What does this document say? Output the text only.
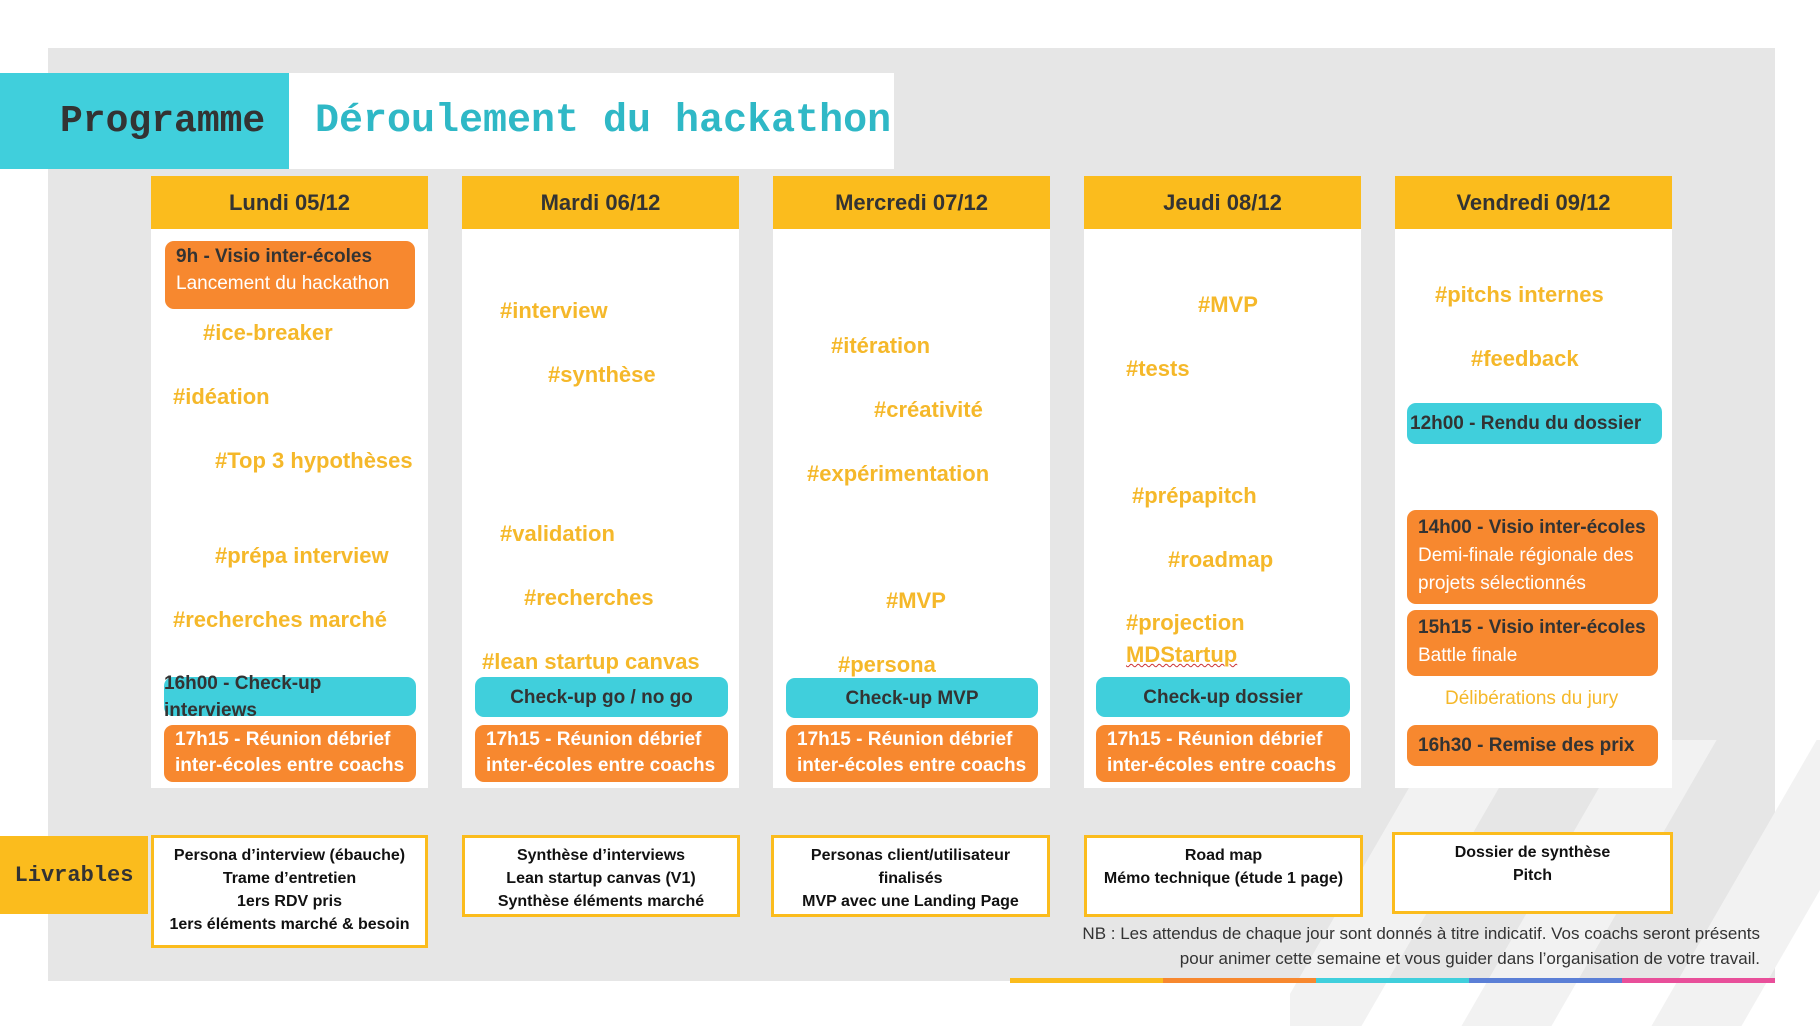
Programme	Déroulement du hackathon
Lundi 05/12
9h - Visio inter-écoles
Lancement du hackathon
#ice-breaker
#idéation
#Top 3 hypothèses
#prépa interview
#recherches marché
16h00 - Check-up interviews
17h15 - Réunion débrief
inter-écoles entre coachs
Mardi 06/12
#interview
#synthèse
#validation
#recherches
#lean startup canvas
Check-up go / no go
17h15 - Réunion débrief
inter-écoles entre coachs
Mercredi 07/12
#itération
#créativité
#expérimentation
#MVP
#persona
Check-up MVP
17h15 - Réunion débrief
inter-écoles entre coachs
Jeudi 08/12
#MVP
#tests
#prépapitch
#roadmap
#projection
MDStartup
Check-up dossier
17h15 - Réunion débrief
inter-écoles entre coachs
Vendredi 09/12
#pitchs internes
#feedback
12h00 - Rendu du dossier
14h00 - Visio inter-écoles
Demi-finale régionale des
projets sélectionnés
15h15 - Visio inter-écoles
Battle finale
Délibérations du jury
16h30 - Remise des prix
Livrables
Persona d’interview (ébauche)
Trame d’entretien
1ers RDV pris
1ers éléments marché & besoin
Synthèse d’interviews
Lean startup canvas (V1)
Synthèse éléments marché
Personas client/utilisateur
finalisés
MVP avec une Landing Page
Road map
Mémo technique (étude 1 page)
Dossier de synthèse
Pitch
NB : Les attendus de chaque jour sont donnés à titre indicatif. Vos coachs seront présents
pour animer cette semaine et vous guider dans l’organisation de votre travail.
